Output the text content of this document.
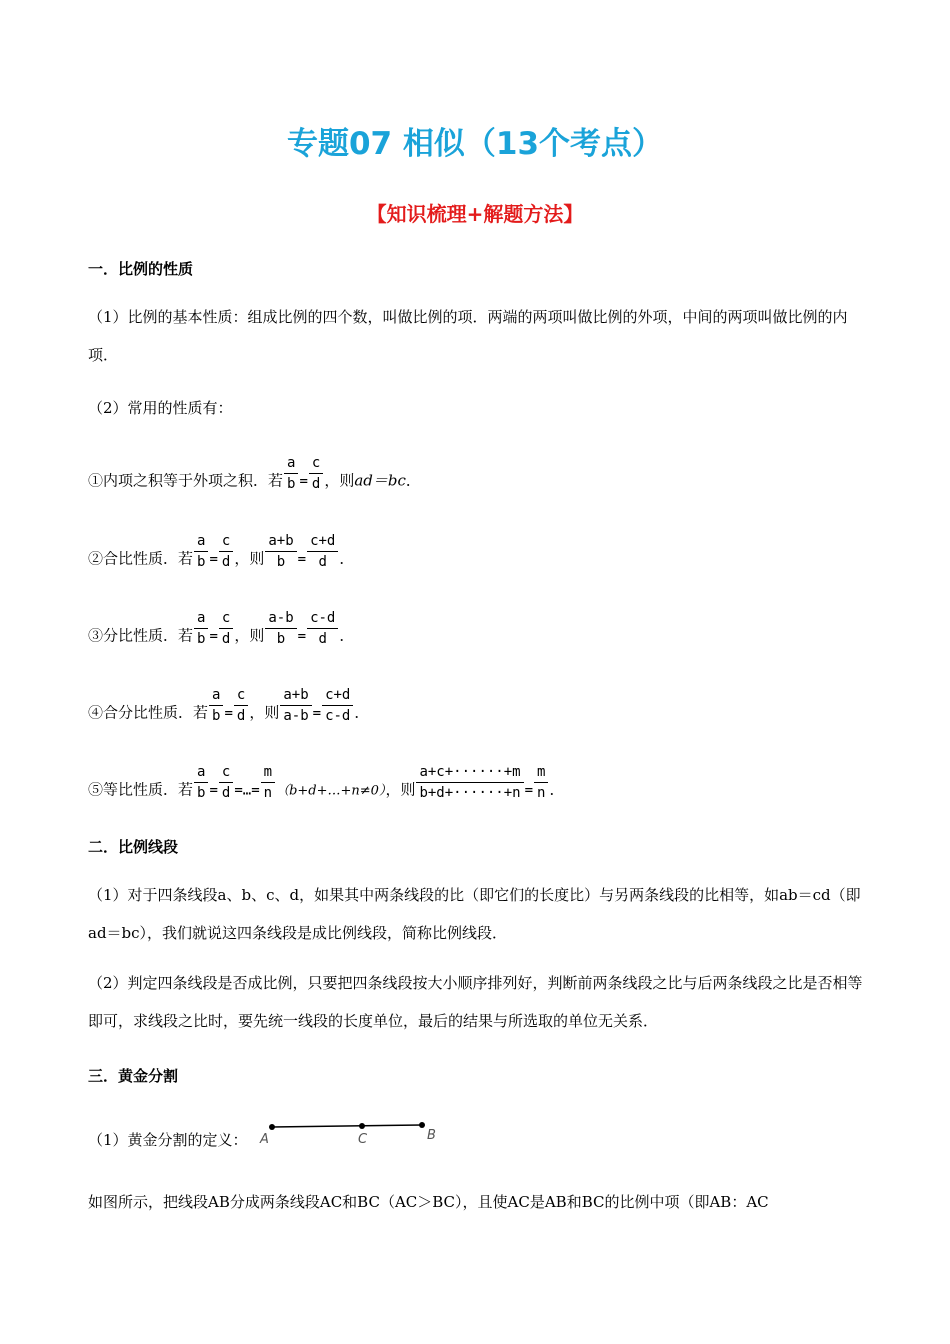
专题07 相似（13个考点）
【知识梳理+解题方法】
一．比例的性质
（1）比例的基本性质：组成比例的四个数，叫做比例的项．两端的两项叫做比例的外项，中间的两项叫做比例的内项．
（2）常用的性质有：
①内项之积等于外项之积．若 $\frac{a}{b} = \frac{c}{d}$ ，则ad＝bc．
②合比性质．若 $\frac{a}{b} = \frac{c}{d}$ ，则 $\frac{a+b}{b} = \frac{c+d}{d}$ ．
③分比性质．若 $\frac{a}{b} = \frac{c}{d}$ ，则 $\frac{a-b}{b} = \frac{c-d}{d}$ ．
④合分比性质．若 $\frac{a}{b} = \frac{c}{d}$ ，则 $\frac{a+b}{a-b} = \frac{c+d}{c-d}$ ．
⑤等比性质．若 $\frac{a}{b} = \frac{c}{d}$ =…= $\frac{m}{n}$ （b+d+…+n≠0），则 $\frac{a+c+\cdot\cdot\cdot\cdot\cdot\cdot+m}{b+d+\cdot\cdot\cdot\cdot\cdot\cdot+n} = \frac{m}{n}$ ．
二．比例线段
（1）对于四条线段a、b、c、d，如果其中两条线段的比（即它们的长度比）与另两条线段的比相等，如ab＝cd（即ad＝bc），我们就说这四条线段是成比例线段，简称比例线段．
（2）判定四条线段是否成比例，只要把四条线段按大小顺序排列好，判断前两条线段之比与后两条线段之比是否相等即可，求线段之比时，要先统一线段的长度单位，最后的结果与所选取的单位无关系．
三．黄金分割
（1）黄金分割的定义： A	C	B
如图所示，把线段AB分成两条线段AC和BC（AC＞BC），且使AC是AB和BC的比例中项（即AB：AC
